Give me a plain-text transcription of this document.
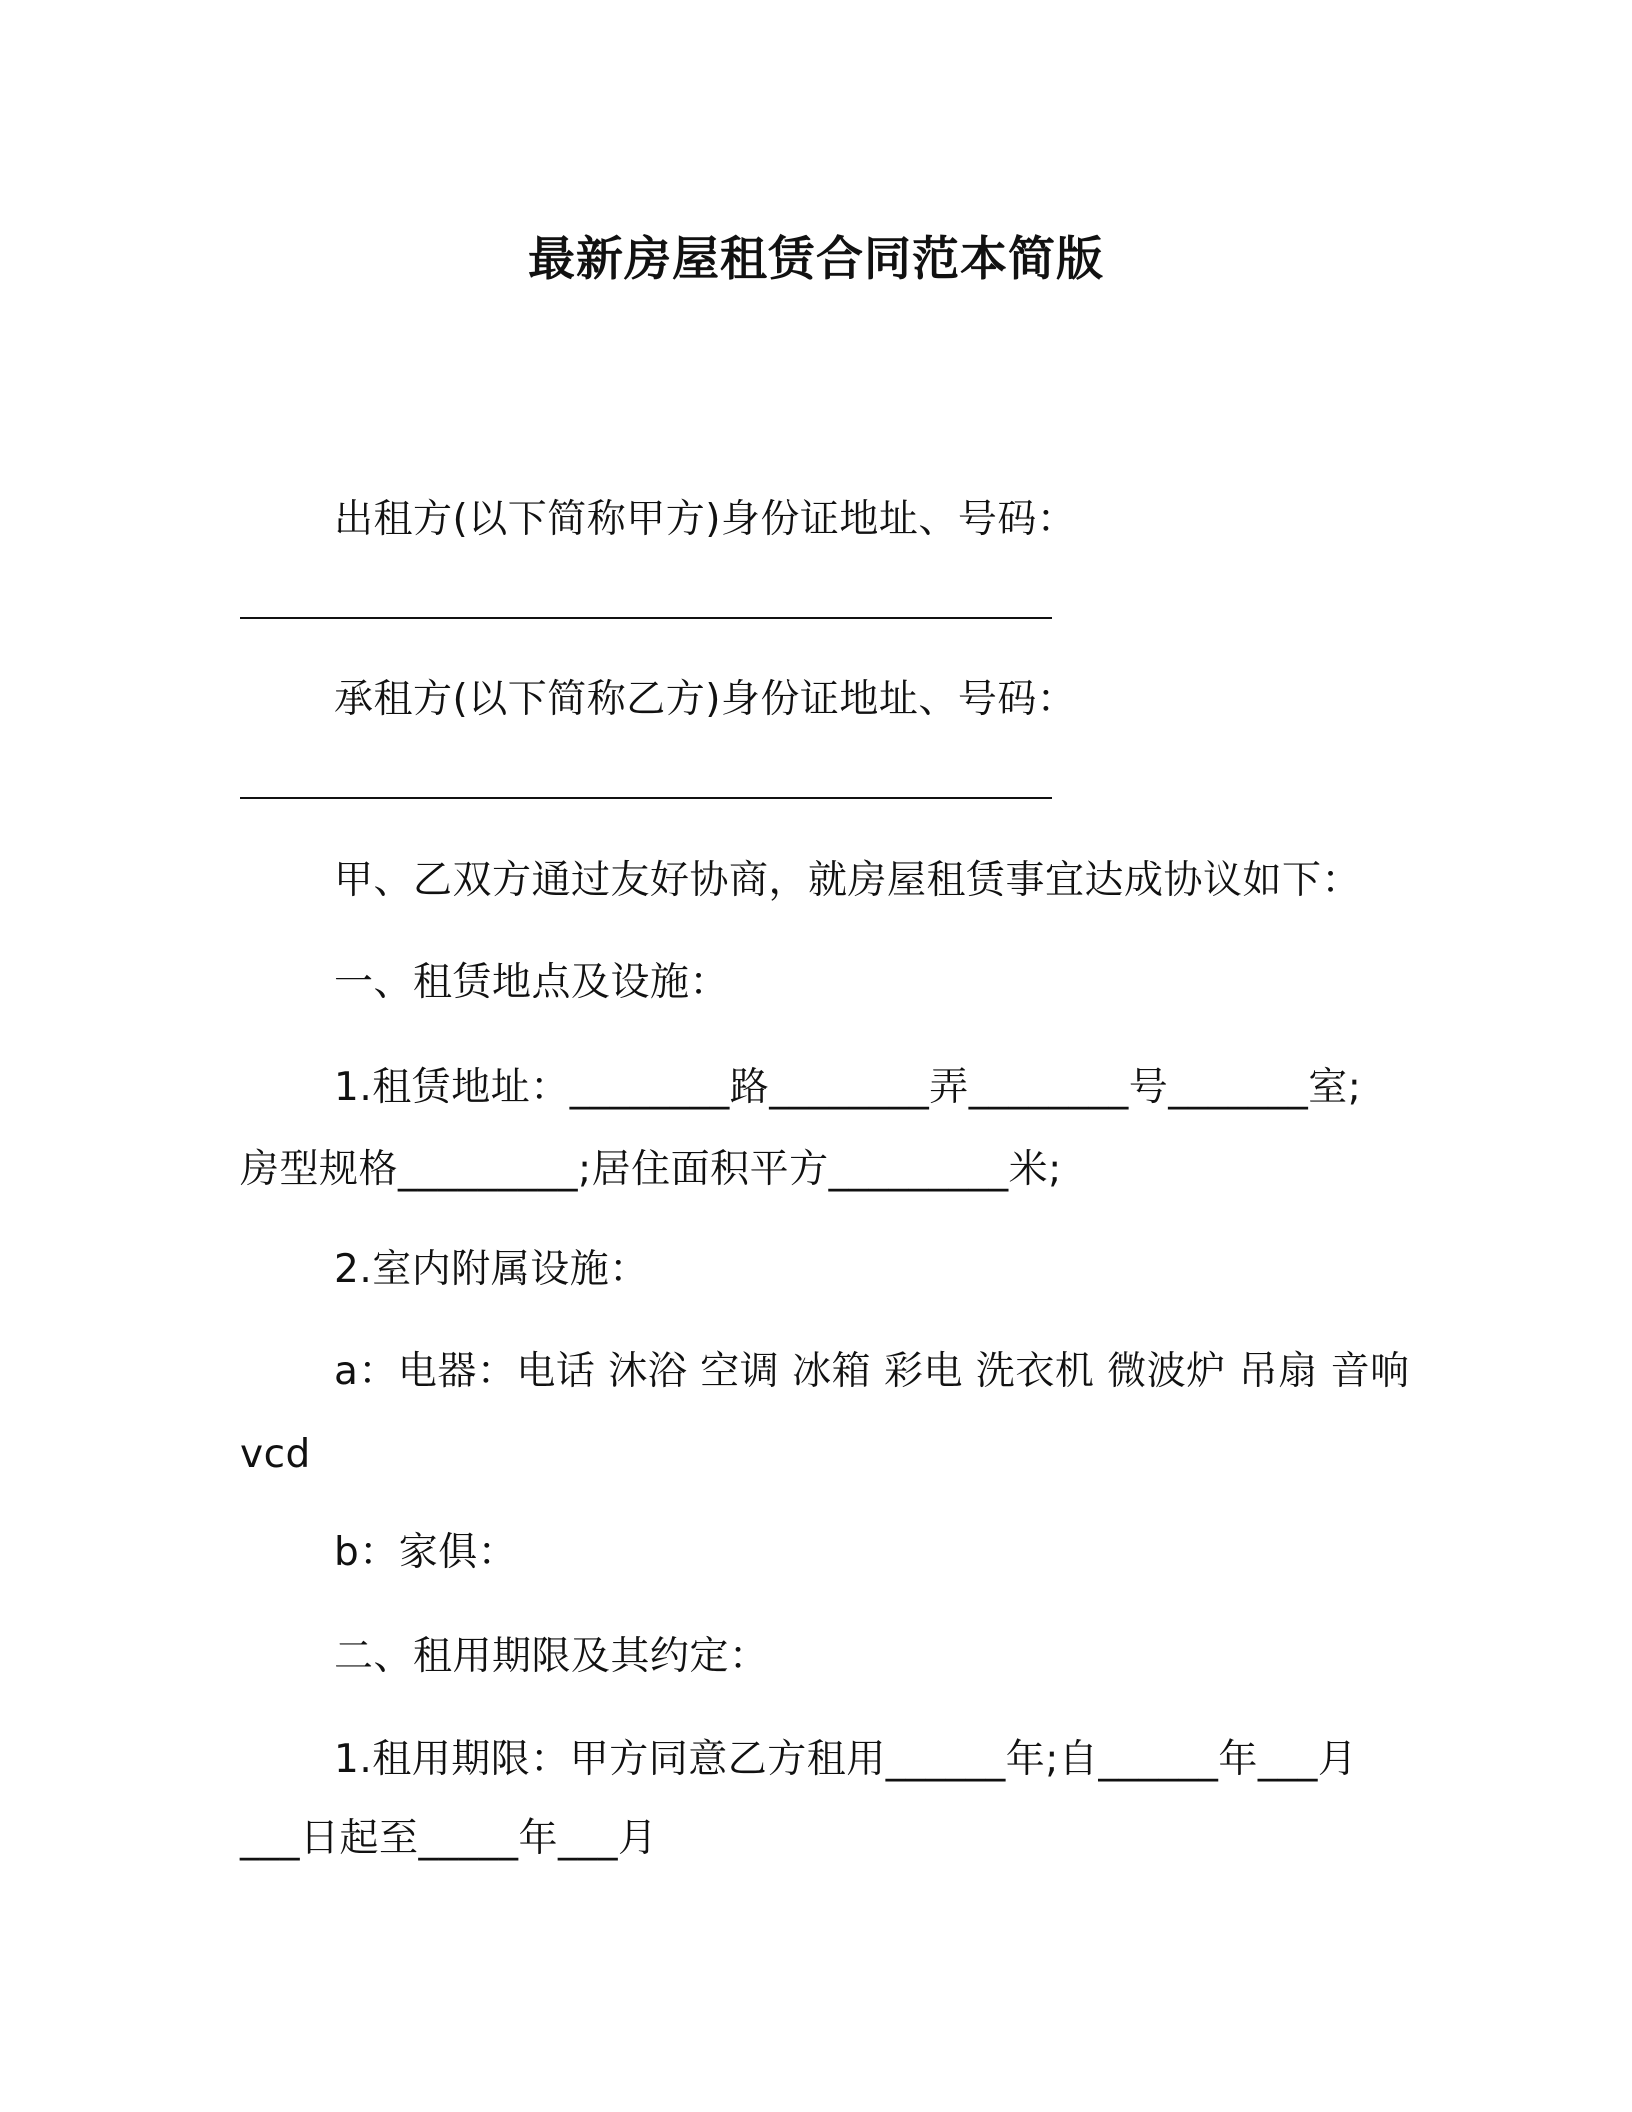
最新房屋租赁合同范本简版
出租方(以下简称甲方)身份证地址、号码：
承租方(以下简称乙方)身份证地址、号码：
甲、乙双方通过友好协商，就房屋租赁事宜达成协议如下：
一、租赁地点及设施：
1.租赁地址：________路________弄________号_______室;
房型规格_________;居住面积平方_________米;
2.室内附属设施：
a：电器：电话 沐浴 空调 冰箱 彩电 洗衣机 微波炉 吊扇 音响
vcd
b：家俱：
二、租用期限及其约定：
1.租用期限：甲方同意乙方租用______年;自______年___月
___日起至_____年___月
